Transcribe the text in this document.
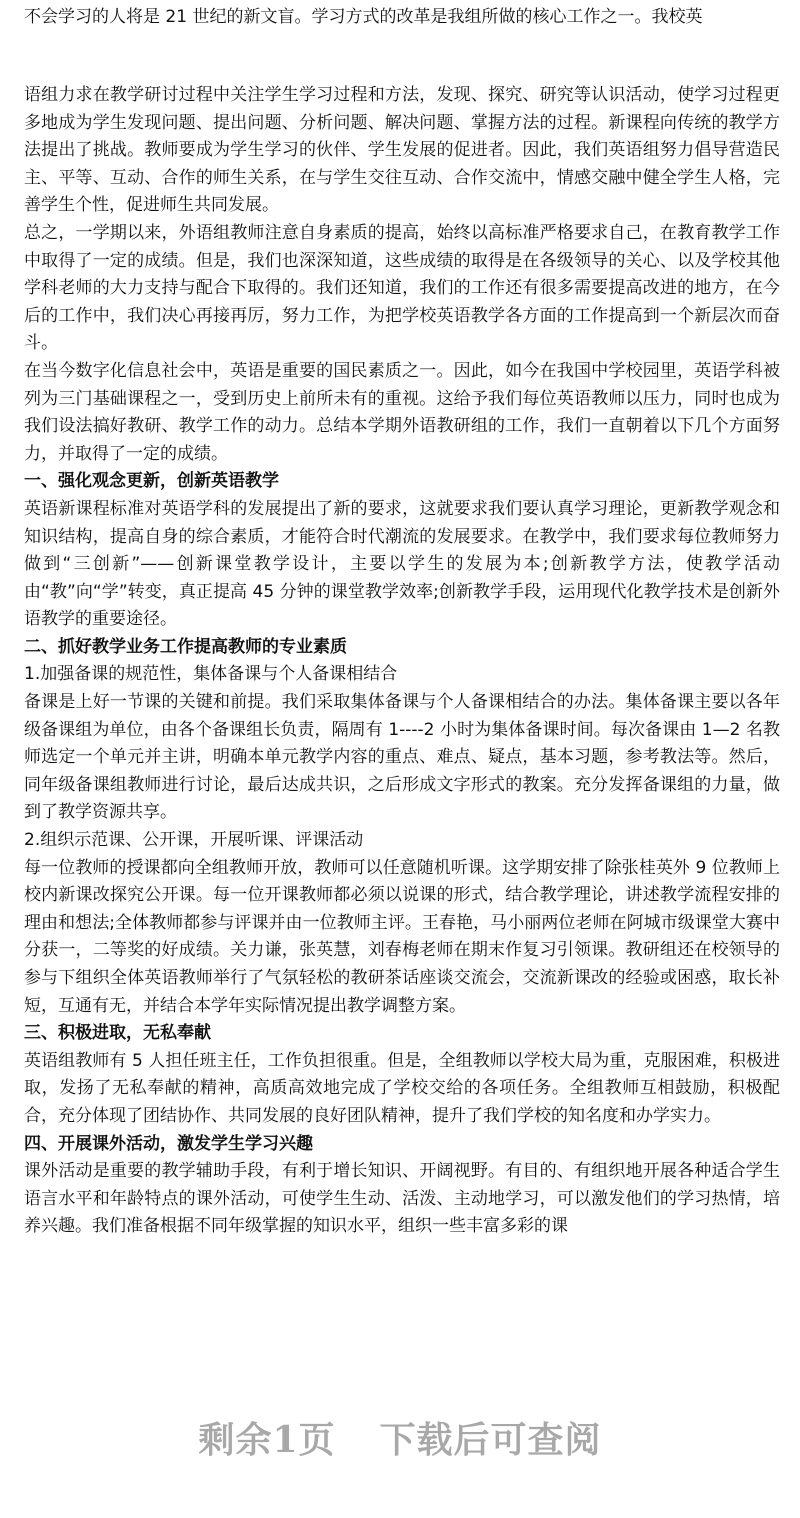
不会学习的人将是 21 世纪的新文盲。学习方式的改革是我组所做的核心工作之一。我校英

语组力求在教学研讨过程中关注学生学习过程和方法，发现、探究、研究等认识活动，使学习过程更多地成为学生发现问题、提出问题、分析问题、解决问题、掌握方法的过程。新课程向传统的教学方法提出了挑战。教师要成为学生学习的伙伴、学生发展的促进者。因此，我们英语组努力倡导营造民主、平等、互动、合作的师生关系，在与学生交往互动、合作交流中，情感交融中健全学生人格，完善学生个性，促进师生共同发展。

总之，一学期以来，外语组教师注意自身素质的提高，始终以高标准严格要求自己，在教育教学工作中取得了一定的成绩。但是，我们也深深知道，这些成绩的取得是在各级领导的关心、以及学校其他学科老师的大力支持与配合下取得的。我们还知道，我们的工作还有很多需要提高改进的地方，在今后的工作中，我们决心再接再厉，努力工作，为把学校英语教学各方面的工作提高到一个新层次而奋斗。

在当今数字化信息社会中，英语是重要的国民素质之一。因此，如今在我国中学校园里，英语学科被列为三门基础课程之一，受到历史上前所未有的重视。这给予我们每位英语教师以压力，同时也成为我们设法搞好教研、教学工作的动力。总结本学期外语教研组的工作，我们一直朝着以下几个方面努力，并取得了一定的成绩。

一、强化观念更新，创新英语教学

英语新课程标准对英语学科的发展提出了新的要求，这就要求我们要认真学习理论，更新教学观念和知识结构，提高自身的综合素质，才能符合时代潮流的发展要求。在教学中，我们要求每位教师努力做到“三创新”——创新课堂教学设计，主要以学生的发展为本;创新教学方法，使教学活动由“教”向“学”转变，真正提高 45 分钟的课堂教学效率;创新教学手段，运用现代化教学技术是创新外语教学的重要途径。

二、抓好教学业务工作提高教师的专业素质

1.加强备课的规范性，集体备课与个人备课相结合

备课是上好一节课的关键和前提。我们采取集体备课与个人备课相结合的办法。集体备课主要以各年级备课组为单位，由各个备课组长负责，隔周有 1----2 小时为集体备课时间。每次备课由 1—2 名教师选定一个单元并主讲，明确本单元教学内容的重点、难点、疑点，基本习题，参考教法等。然后，同年级备课组教师进行讨论，最后达成共识，之后形成文字形式的教案。充分发挥备课组的力量，做到了教学资源共享。

2.组织示范课、公开课，开展听课、评课活动

每一位教师的授课都向全组教师开放，教师可以任意随机听课。这学期安排了除张桂英外 9 位教师上校内新课改探究公开课。每一位开课教师都必须以说课的形式，结合教学理论，讲述教学流程安排的理由和想法;全体教师都参与评课并由一位教师主评。王春艳，马小丽两位老师在阿城市级课堂大赛中分获一，二等奖的好成绩。关力谦，张英慧，刘春梅老师在期末作复习引领课。教研组还在校领导的参与下组织全体英语教师举行了气氛轻松的教研茶话座谈交流会，交流新课改的经验或困惑，取长补短，互通有无，并结合本学年实际情况提出教学调整方案。

三、积极进取，无私奉献

英语组教师有 5 人担任班主任，工作负担很重。但是，全组教师以学校大局为重，克服困难，积极进取，发扬了无私奉献的精神，高质高效地完成了学校交给的各项任务。全组教师互相鼓励，积极配合，充分体现了团结协作、共同发展的良好团队精神，提升了我们学校的知名度和办学实力。

四、开展课外活动，激发学生学习兴趣

课外活动是重要的教学辅助手段，有利于增长知识、开阔视野。有目的、有组织地开展各种适合学生语言水平和年龄特点的课外活动，可使学生生动、活泼、主动地学习，可以激发他们的学习热情，培养兴趣。我们准备根据不同年级掌握的知识水平，组织一些丰富多彩的课

剩余1页 下载后可查阅
